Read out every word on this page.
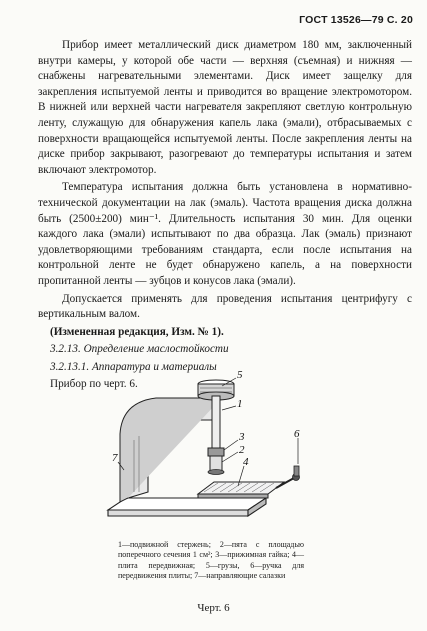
ГОСТ 13526—79 С. 20

Прибор имеет металлический диск диаметром 180 мм, заключенный внутри камеры, у которой обе части — верхняя (съемная) и нижняя — снабжены нагревательными элементами. Диск имеет защелку для закрепления испытуемой ленты и приводится во вращение электромотором. В нижней или верхней части нагревателя закрепляют светлую контрольную ленту, служащую для обнаружения капель лака (эмали), отбрасываемых с поверхности вращающейся испытуемой ленты. После закрепления ленты на диске прибор закрывают, разогревают до температуры испытания и затем включают электромотор.

Температура испытания должна быть установлена в нормативно-технической документации на лак (эмаль). Частота вращения диска должна быть (2500±200) мин⁻¹. Длительность испытания 30 мин. Для оценки каждого лака (эмали) испытывают по два образца. Лак (эмаль) признают удовлетворяющими требованиям стандарта, если после испытания на контрольной ленте не будет обнаружено капель, а на поверхности пропитанной ленты — зубцов и конусов лака (эмали).

Допускается применять для проведения испытания центрифугу с вертикальным валом.

(Измененная редакция, Изм. № 1).

3.2.13. Определение маслостойкости

3.2.13.1. Аппаратура и материалы

Прибор по черт. 6.

5
1
3
2
4
6
7
1—подвижной стержень; 2—пята с площадью поперечного сечения 1 см²; 3—прижимная гайка; 4—плита передвижная; 5—грузы, 6—ручка для передвижения плиты; 7—направляющие салазки
Черт. 6
